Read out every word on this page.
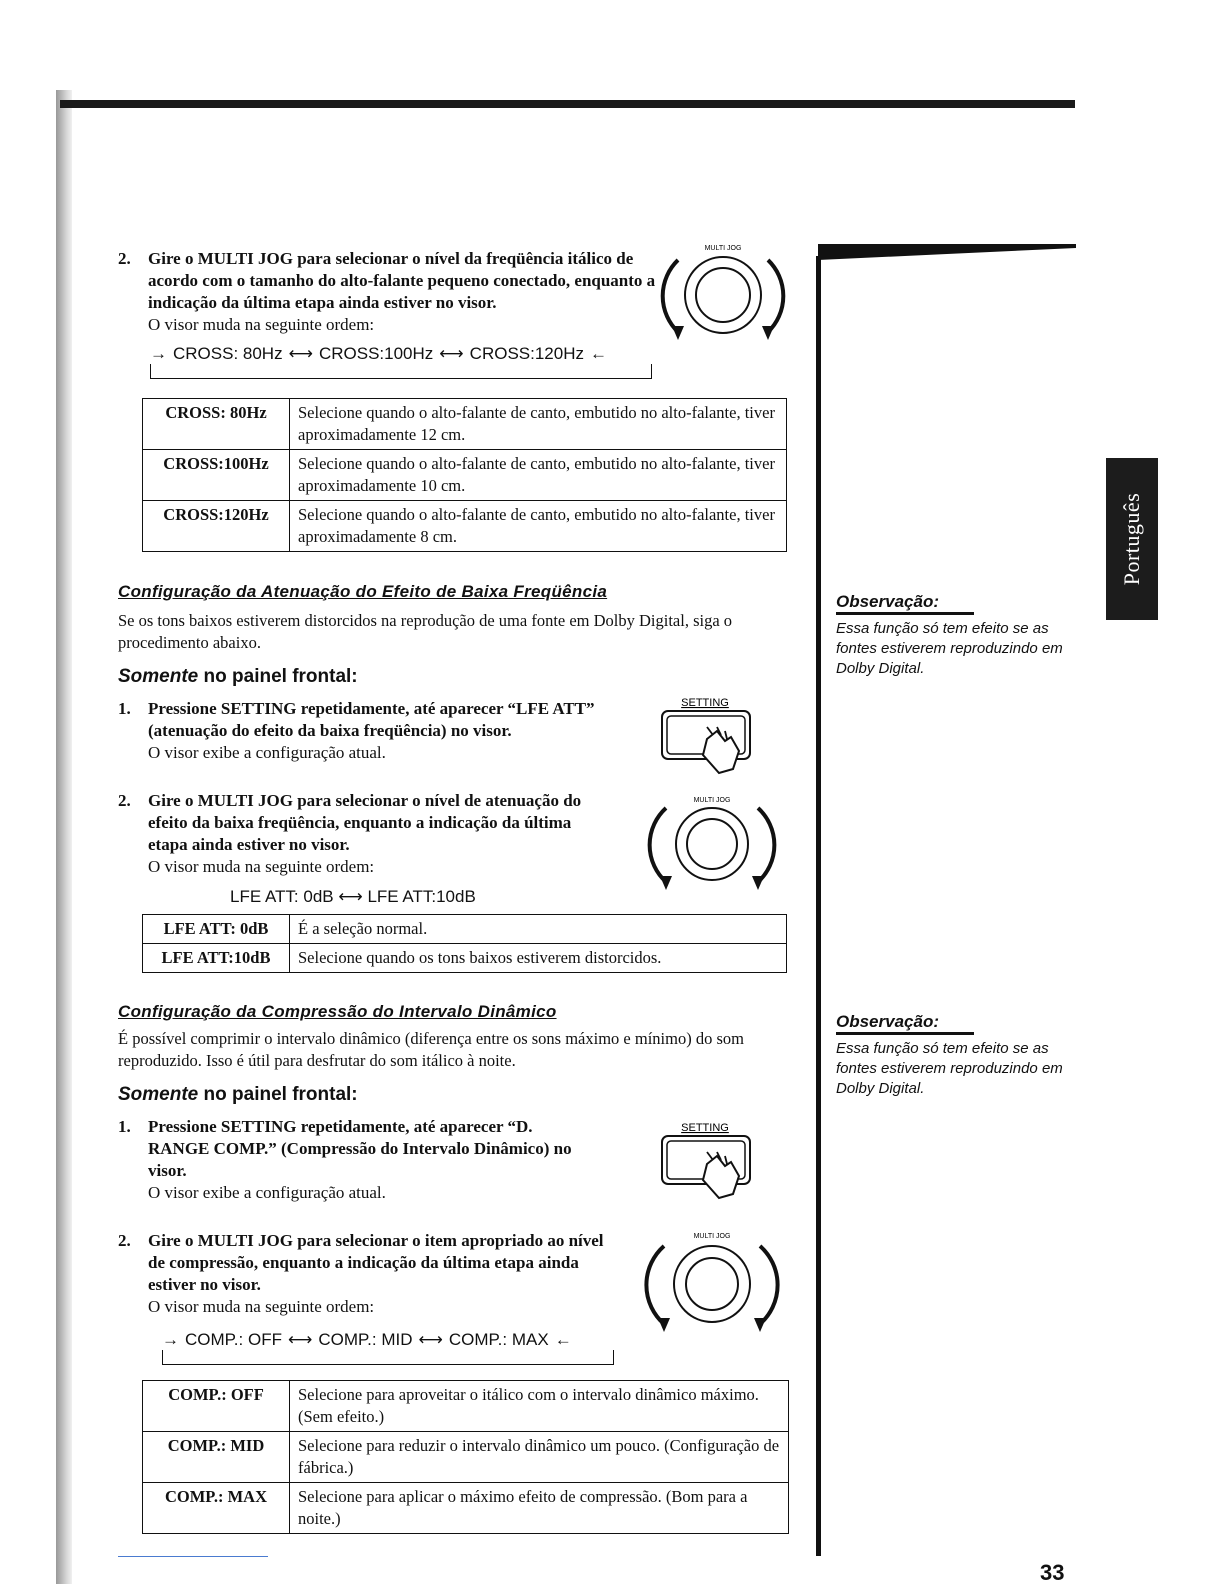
Português
2. Gire o MULTI JOG para selecionar o nível da freqüência itálico de acordo com o tamanho do alto-falante pequeno conectado, enquanto a indicação da última etapa ainda estiver no visor.
O visor muda na seguinte ordem:
MULTI JOG
→ CROSS: 80Hz ⟷ CROSS:100Hz ⟷ CROSS:120Hz ←
CROSS: 80Hz	Selecione quando o alto-falante de canto, embutido no alto-falante, tiver aproximadamente 12 cm.
CROSS:100Hz	Selecione quando o alto-falante de canto, embutido no alto-falante, tiver aproximadamente 10 cm.
CROSS:120Hz	Selecione quando o alto-falante de canto, embutido no alto-falante, tiver aproximadamente 8 cm.
Configuração da Atenuação do Efeito de Baixa Freqüência
Se os tons baixos estiverem distorcidos na reprodução de uma fonte em Dolby Digital, siga o procedimento abaixo.
Somente no painel frontal:
1. Pressione SETTING repetidamente, até aparecer “LFE ATT” (atenuação do efeito da baixa freqüência) no visor.
O visor exibe a configuração atual.
SETTING
2. Gire o MULTI JOG para selecionar o nível de atenuação do efeito da baixa freqüência, enquanto a indicação da última etapa ainda estiver no visor.
O visor muda na seguinte ordem:
MULTI JOG
LFE ATT: 0dB ⟷ LFE ATT:10dB
LFE ATT: 0dB	É a seleção normal.
LFE ATT:10dB	Selecione quando os tons baixos estiverem distorcidos.
Observação:
Essa função só tem efeito se as fontes estiverem reproduzindo em Dolby Digital.
Configuração da Compressão do Intervalo Dinâmico
É possível comprimir o intervalo dinâmico (diferença entre os sons máximo e mínimo) do som reproduzido. Isso é útil para desfrutar do som itálico à noite.
Somente no painel frontal:
1. Pressione SETTING repetidamente, até aparecer “D. RANGE COMP.” (Compressão do Intervalo Dinâmico) no visor.
O visor exibe a configuração atual.
SETTING
2. Gire o MULTI JOG para selecionar o item apropriado ao nível de compressão, enquanto a indicação da última etapa ainda estiver no visor.
O visor muda na seguinte ordem:
MULTI JOG
→ COMP.: OFF ⟷ COMP.: MID ⟷ COMP.: MAX ←
COMP.: OFF	Selecione para aproveitar o itálico com o intervalo dinâmico máximo. (Sem efeito.)
COMP.: MID	Selecione para reduzir o intervalo dinâmico um pouco. (Configuração de fábrica.)
COMP.: MAX	Selecione para aplicar o máximo efeito de compressão. (Bom para a noite.)
Observação:
Essa função só tem efeito se as fontes estiverem reproduzindo em Dolby Digital.
33
